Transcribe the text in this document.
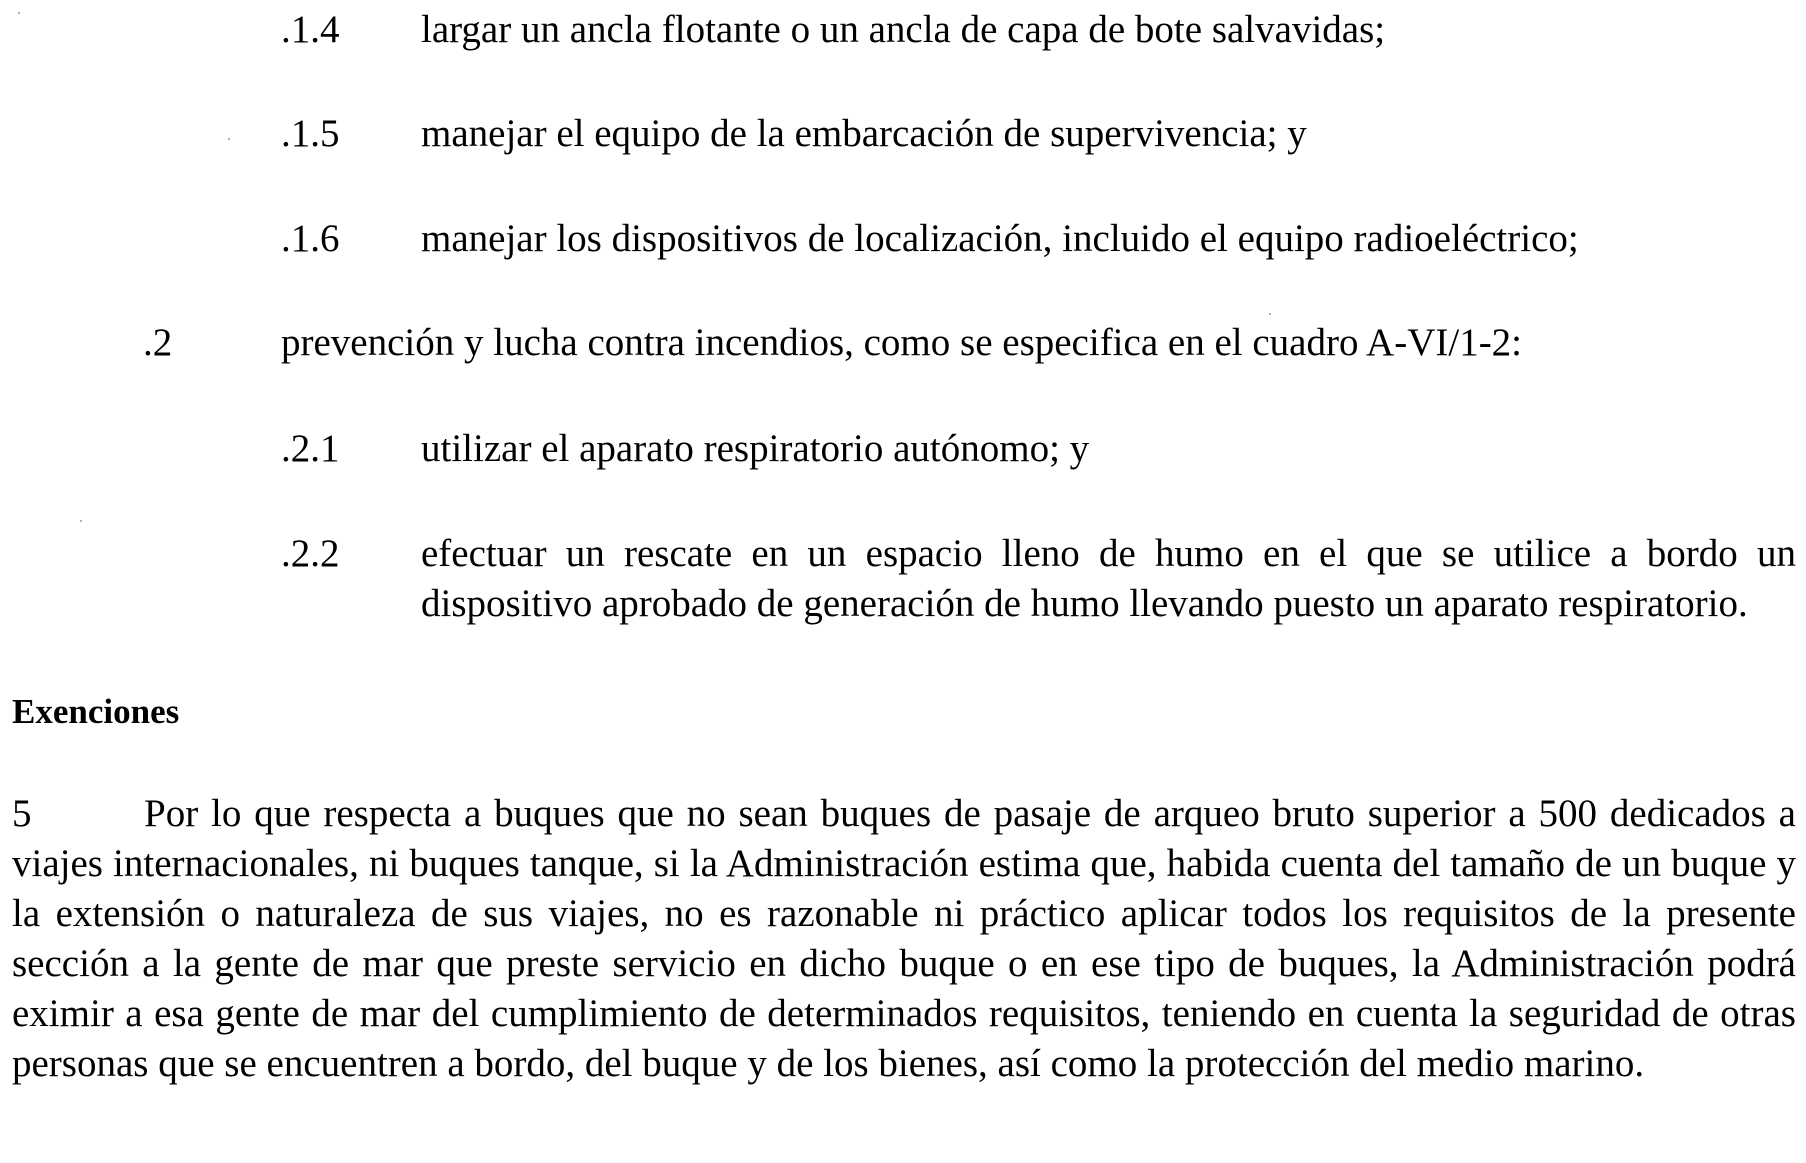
.1.4 largar un ancla flotante o un ancla de capa de bote salvavidas;
.1.5 manejar el equipo de la embarcación de supervivencia; y
.1.6 manejar los dispositivos de localización, incluido el equipo radioeléctrico;
.2	prevención y lucha contra incendios, como se especifica en el cuadro A-VI/1-2:
.2.1 utilizar el aparato respiratorio autónomo; y
.2.2 efectuar un rescate en un espacio lleno de humo en el que se utilice a bordo un dispositivo aprobado de generación de humo llevando puesto un aparato respiratorio.
Exenciones
5	Por lo que respecta a buques que no sean buques de pasaje de arqueo bruto superior a 500 dedicados a viajes internacionales, ni buques tanque, si la Administración estima que, habida cuenta del tamaño de un buque y la extensión o naturaleza de sus viajes, no es razonable ni práctico aplicar todos los requisitos de la presente sección a la gente de mar que preste servicio en dicho buque o en ese tipo de buques, la Administración podrá eximir a esa gente de mar del cumplimiento de determinados requisitos, teniendo en cuenta la seguridad de otras personas que se encuentren a bordo, del buque y de los bienes, así como la protección del medio marino.
